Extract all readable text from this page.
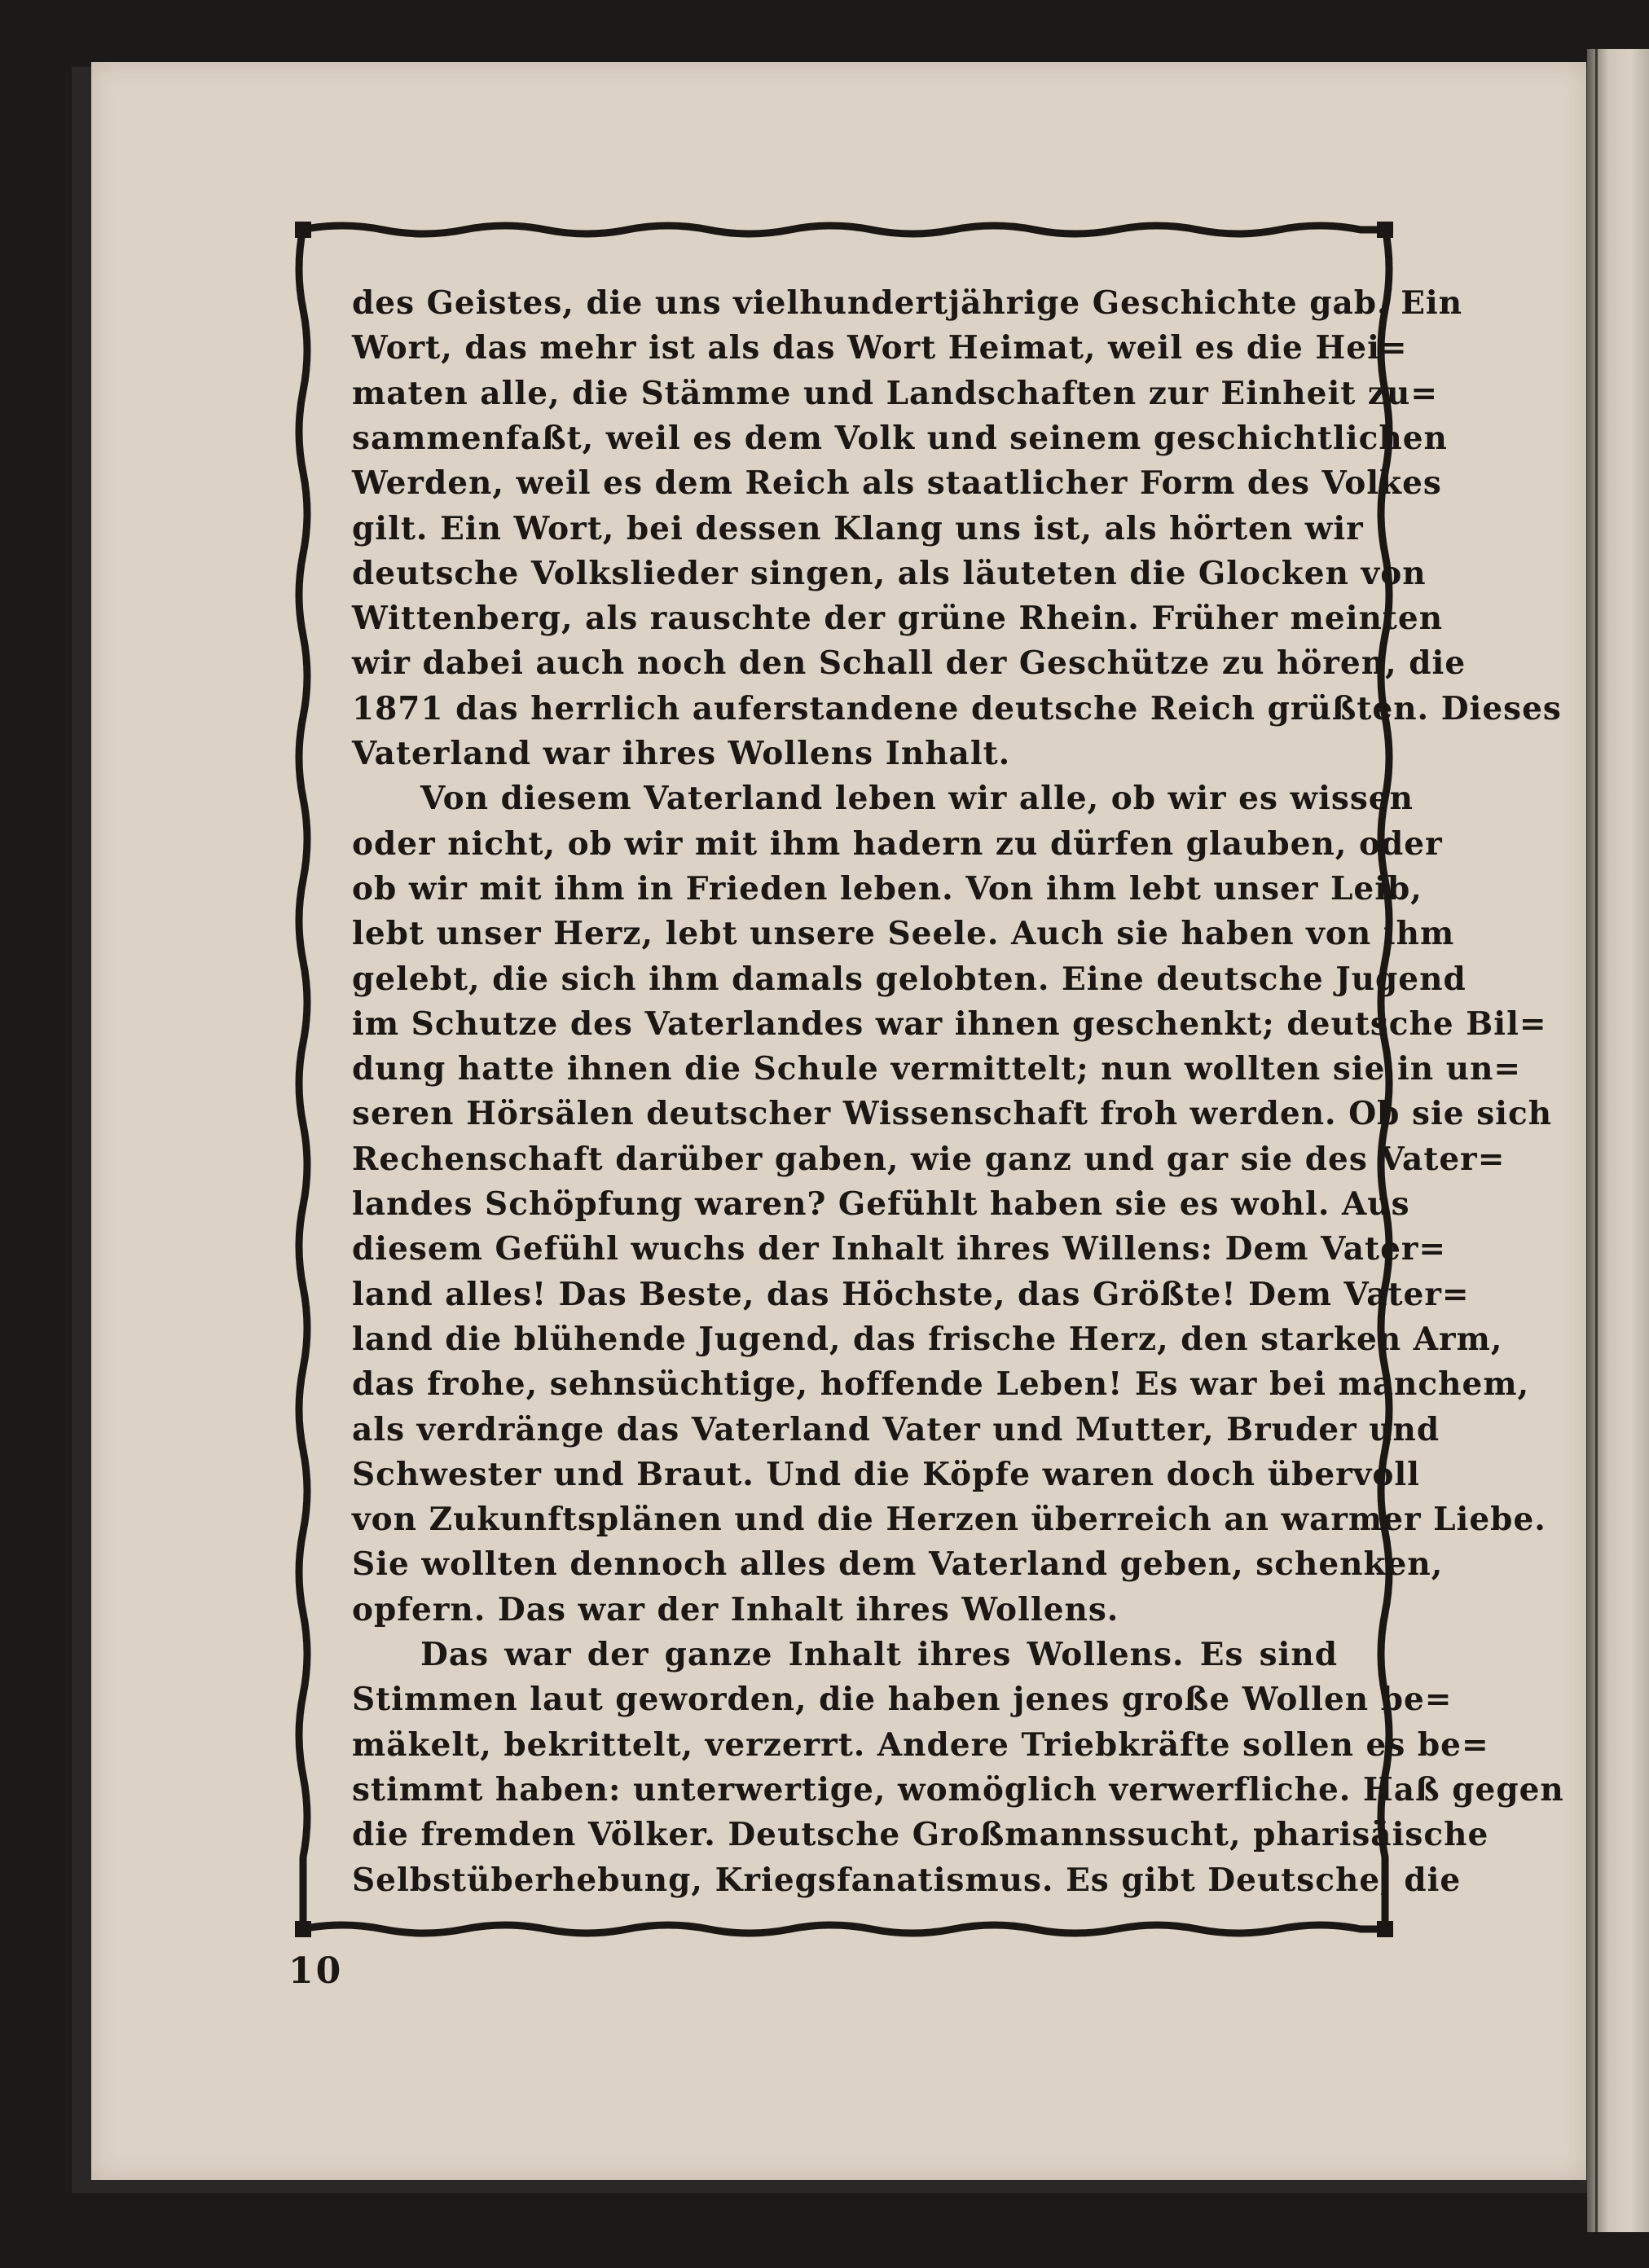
des Geistes, die uns vielhundertjährige Geschichte gab. Ein
Wort, das mehr ist als das Wort Heimat, weil es die Hei=
maten alle, die Stämme und Landschaften zur Einheit zu=
sammenfaßt, weil es dem Volk und seinem geschichtlichen
Werden, weil es dem Reich als staatlicher Form des Volkes
gilt. Ein Wort, bei dessen Klang uns ist, als hörten wir
deutsche Volkslieder singen, als läuteten die Glocken von
Wittenberg, als rauschte der grüne Rhein. Früher meinten
wir dabei auch noch den Schall der Geschütze zu hören, die
1871 das herrlich auferstandene deutsche Reich grüßten. Dieses
Vaterland war ihres Wollens Inhalt.
Von diesem Vaterland leben wir alle, ob wir es wissen
oder nicht, ob wir mit ihm hadern zu dürfen glauben, oder
ob wir mit ihm in Frieden leben. Von ihm lebt unser Leib,
lebt unser Herz, lebt unsere Seele. Auch sie haben von ihm
gelebt, die sich ihm damals gelobten. Eine deutsche Jugend
im Schutze des Vaterlandes war ihnen geschenkt; deutsche Bil=
dung hatte ihnen die Schule vermittelt; nun wollten sie in un=
seren Hörsälen deutscher Wissenschaft froh werden. Ob sie sich
Rechenschaft darüber gaben, wie ganz und gar sie des Vater=
landes Schöpfung waren? Gefühlt haben sie es wohl. Aus
diesem Gefühl wuchs der Inhalt ihres Willens: Dem Vater=
land alles! Das Beste, das Höchste, das Größte! Dem Vater=
land die blühende Jugend, das frische Herz, den starken Arm,
das frohe, sehnsüchtige, hoffende Leben! Es war bei manchem,
als verdränge das Vaterland Vater und Mutter, Bruder und
Schwester und Braut. Und die Köpfe waren doch übervoll
von Zukunftsplänen und die Herzen überreich an warmer Liebe.
Sie wollten dennoch alles dem Vaterland geben, schenken,
opfern. Das war der Inhalt ihres Wollens.
Das war der ganze Inhalt ihres Wollens. Es sind
Stimmen laut geworden, die haben jenes große Wollen be=
mäkelt, bekrittelt, verzerrt. Andere Triebkräfte sollen es be=
stimmt haben: unterwertige, womöglich verwerfliche. Haß gegen
die fremden Völker. Deutsche Großmannssucht, pharisäische
Selbstüberhebung, Kriegsfanatismus. Es gibt Deutsche, die
10
